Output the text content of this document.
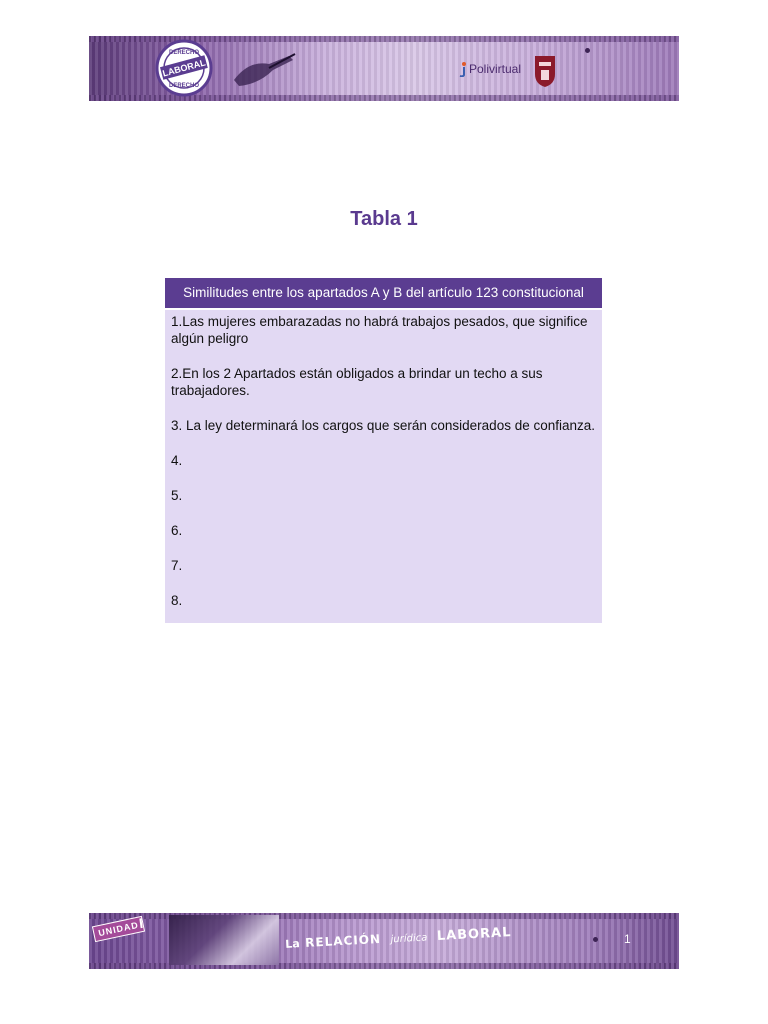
LABORAL
DERECHO
DERECHO
Polivirtual
Tabla 1
Similitudes entre los apartados A y B del artículo 123 constitucional

1.Las mujeres embarazadas no habrá trabajos pesados, que significe algún peligro

2.En los 2 Apartados están obligados a brindar un techo a sus trabajadores.

3. La ley determinará los cargos que serán considerados de confianza.

4.

5.

6.

7.

8.

UNIDAD
I
La RELACIÓN jurídica LABORAL	1
